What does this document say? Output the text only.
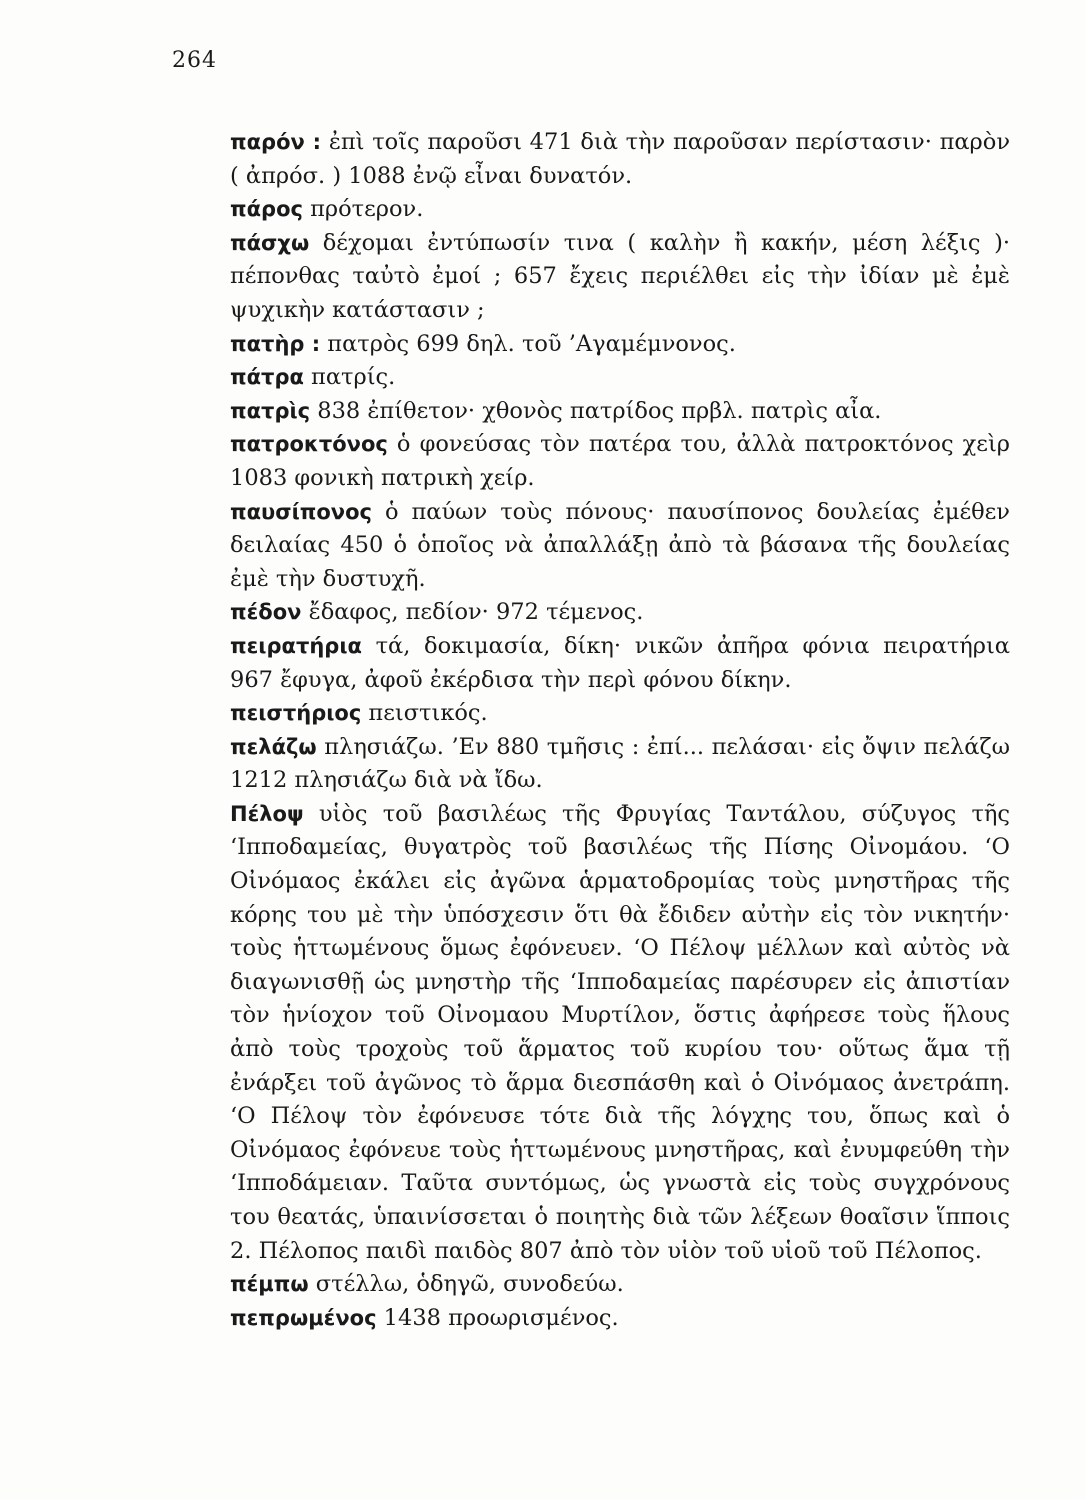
264

παρόν : ἐπὶ τοῖς παροῦσι 471 διὰ τὴν παροῦσαν περίστασιν· παρὸν ( ἀπρόσ. ) 1088 ἐνῷ εἶναι δυνατόν.

πάρος πρότερον.

πάσχω δέχομαι ἐντύπωσίν τινα ( καλὴν ἢ κακήν, μέση λέξις )· πέπονθας ταὐτὸ ἐμοί ; 657 ἔχεις περιέλθει εἰς τὴν ἰδίαν μὲ ἐμὲ ψυχικὴν κατάστασιν ;

πατὴρ : πατρὸς 699 δηλ. τοῦ ’Αγαμέμνονος.

πάτρα πατρίς.

πατρὶς 838 ἐπίθετον· χθονὸς πατρίδος πρβλ. πατρὶς αἶα.

πατροκτόνος ὁ φονεύσας τὸν πατέρα του, ἀλλὰ πατροκτόνος χεὶρ 1083 φονικὴ πατρικὴ χείρ.

παυσίπονος ὁ παύων τοὺς πόνους· παυσίπονος δουλείας ἐμέθεν δειλαίας 450 ὁ ὁποῖος νὰ ἀπαλλάξῃ ἀπὸ τὰ βάσανα τῆς δουλείας ἐμὲ τὴν δυστυχῆ.

πέδον ἔδαφος, πεδίον· 972 τέμενος.

πειρατήρια τά, δοκιμασία, δίκη· νικῶν ἀπῆρα φόνια πειρατήρια 967 ἔφυγα, ἀφοῦ ἐκέρδισα τὴν περὶ φόνου δίκην.

πειστήριος πειστικός.

πελάζω πλησιάζω. ’Εν 880 τμῆσις : ἐπί... πελάσαι· εἰς ὄψιν πελάζω 1212 πλησιάζω διὰ νὰ ἴδω.

Πέλοψ υἱὸς τοῦ βασιλέως τῆς Φρυγίας Ταντάλου, σύζυγος τῆς ‘Ιπποδαμείας, θυγατρὸς τοῦ βασιλέως τῆς Πίσης Οἰνομάου. ‘Ο Οἰνόμαος ἐκάλει εἰς ἀγῶνα ἁρματοδρομίας τοὺς μνηστῆρας τῆς κόρης του μὲ τὴν ὑπόσχεσιν ὅτι θὰ ἔδιδεν αὐτὴν εἰς τὸν νικητήν· τοὺς ἡττωμένους ὅμως ἐφόνευεν. ‘Ο Πέλοψ μέλλων καὶ αὐτὸς νὰ διαγωνισθῇ ὡς μνηστὴρ τῆς ‘Ιπποδαμείας παρέσυρεν εἰς ἀπιστίαν τὸν ἡνίοχον τοῦ Οἰνομαου Μυρτίλον, ὅστις ἀφήρεσε τοὺς ἥλους ἀπὸ τοὺς τροχοὺς τοῦ ἅρματος τοῦ κυρίου του· οὕτως ἅμα τῇ ἐνάρξει τοῦ ἀγῶνος τὸ ἅρμα διεσπάσθη καὶ ὁ Οἰνόμαος ἀνετράπη. ‘Ο Πέλοψ τὸν ἐφόνευσε τότε διὰ τῆς λόγχης του, ὅπως καὶ ὁ Οἰνόμαος ἐφόνευε τοὺς ἡττωμένους μνηστῆρας, καὶ ἐνυμφεύθη τὴν ‘Ιπποδάμειαν. Ταῦτα συντόμως, ὡς γνωστὰ εἰς τοὺς συγχρόνους του θεατάς, ὑπαινίσσεται ὁ ποιητὴς διὰ τῶν λέξεων θοαῖσιν ἵπποις 2. Πέλοπος παιδὶ παιδὸς 807 ἀπὸ τὸν υἱὸν τοῦ υἱοῦ τοῦ Πέλοπος.

πέμπω στέλλω, ὁδηγῶ, συνοδεύω.

πεπρωμένος 1438 προωρισμένος.
